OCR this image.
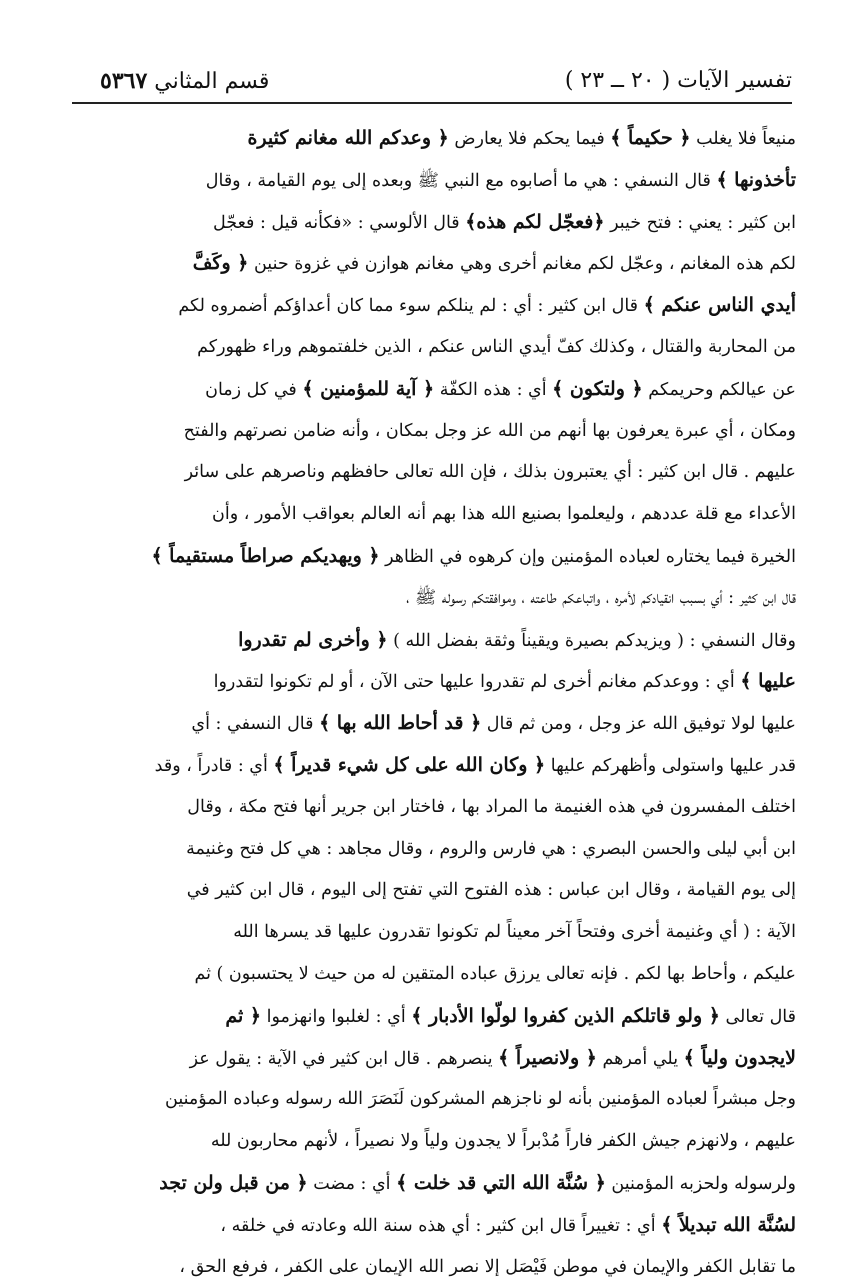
تفسير الآيات ( ٢٠ ــ ٢٣ )
قسم المثاني ٥٣٦٧
منيعاً فلا يغلب ﴿ حكيماً ﴾ فيما يحكم فلا يعارض ﴿ وعدكم الله مغانم كثيرة
تأخذونها ﴾ قال النسفي : هي ما أصابوه مع النبي ﷺ وبعده إلى يوم القيامة ، وقال
ابن كثير : يعني : فتح خيبر ﴿فعجّل لكم هذه﴾ قال الألوسي : «فكأنه قيل : فعجّل
لكم هذه المغانم ، وعجّل لكم مغانم أخرى وهي مغانم هوازن في غزوة حنين ﴿ وكَفَّ
أيدي الناس عنكم ﴾ قال ابن كثير : أي : لم ينلكم سوء مما كان أعداؤكم أضمروه لكم
من المحاربة والقتال ، وكذلك كفّ أيدي الناس عنكم ، الذين خلفتموهم وراء ظهوركم
عن عيالكم وحريمكم ﴿ ولتكون ﴾ أي : هذه الكفّة ﴿ آية للمؤمنين ﴾ في كل زمان
ومكان ، أي عبرة يعرفون بها أنهم من الله عز وجل بمكان ، وأنه ضامن نصرتهم والفتح
عليهم . قال ابن كثير : أي يعتبرون بذلك ، فإن الله تعالى حافظهم وناصرهم على سائر
الأعداء مع قلة عددهم ، وليعلموا بصنيع الله هذا بهم أنه العالم بعواقب الأمور ، وأن
الخيرة فيما يختاره لعباده المؤمنين وإن كرهوه في الظاهر ﴿ ويهديكم صراطاً مستقيماً ﴾
قال ابن كثير : أي بسبب انقيادكم لأمره ، واتباعكم طاعته ، وموافقتكم رسوله ﷺ ،
وقال النسفي : ( ويزيدكم بصيرة ويقيناً وثقة بفضل الله ) ﴿ وأخرى لم تقدروا
عليها ﴾ أي : ووعدكم مغانم أخرى لم تقدروا عليها حتى الآن ، أو لم تكونوا لتقدروا
عليها لولا توفيق الله عز وجل ، ومن ثم قال ﴿ قد أحاط الله بها ﴾ قال النسفي : أي
قدر عليها واستولى وأظهركم عليها ﴿ وكان الله على كل شيء قديراً ﴾ أي : قادراً ، وقد
اختلف المفسرون في هذه الغنيمة ما المراد بها ، فاختار ابن جرير أنها فتح مكة ، وقال
ابن أبي ليلى والحسن البصري : هي فارس والروم ، وقال مجاهد : هي كل فتح وغنيمة
إلى يوم القيامة ، وقال ابن عباس : هذه الفتوح التي تفتح إلى اليوم ، قال ابن كثير في
الآية : ( أي وغنيمة أخرى وفتحاً آخر معيناً لم تكونوا تقدرون عليها قد يسرها الله
عليكم ، وأحاط بها لكم . فإنه تعالى يرزق عباده المتقين له من حيث لا يحتسبون ) ثم
قال تعالى ﴿ ولو قاتلكم الذين كفروا لولّوا الأدبار ﴾ أي : لغلبوا وانهزموا ﴿ ثم
لايجدون ولياً ﴾ يلي أمرهم ﴿ ولانصيراً ﴾ ينصرهم . قال ابن كثير في الآية : يقول عز
وجل مبشراً لعباده المؤمنين بأنه لو ناجزهم المشركون لَنَصَرَ الله رسوله وعباده المؤمنين
عليهم ، ولانهزم جيش الكفر فاراً مُدْبراً لا يجدون ولياً ولا نصيراً ، لأنهم محاربون لله
ولرسوله ولحزبه المؤمنين ﴿ سُنَّة الله التي قد خلت ﴾ أي : مضت ﴿ من قبل ولن تجد
لسُنَّة الله تبديلاً ﴾ أي : تغييراً قال ابن كثير : أي هذه سنة الله وعادته في خلقه ،
ما تقابل الكفر والإيمان في موطن فَيْصَل إلا نصر الله الإيمان على الكفر ، فرفع الحق ،
